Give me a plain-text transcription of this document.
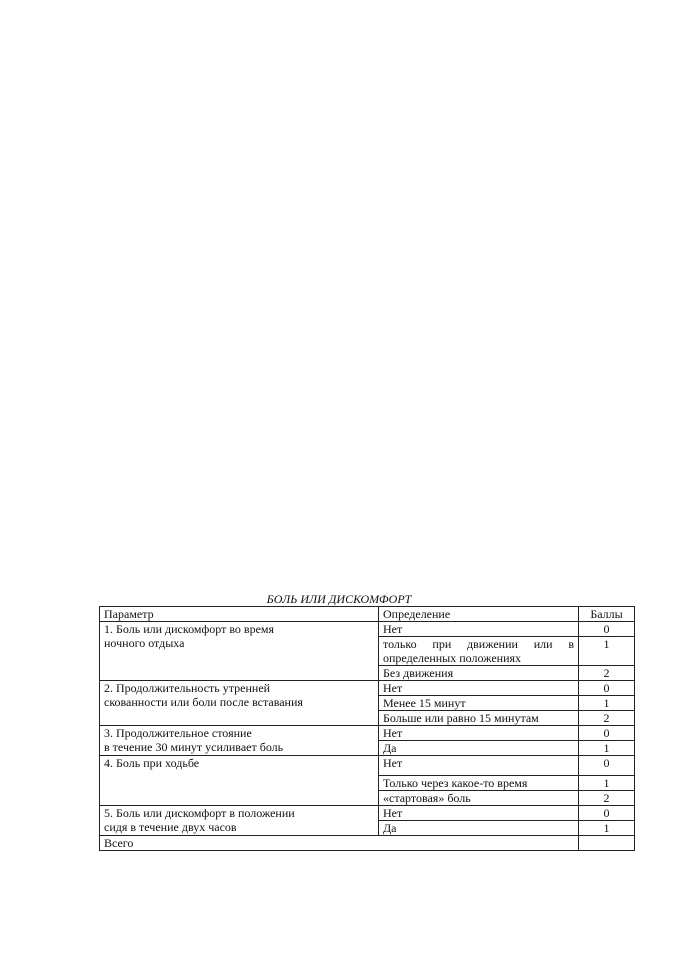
БОЛЬ ИЛИ ДИСКОМФОРТ
Параметр	Определение	Баллы

1. Боль или дискомфорт во время
ночного отдыха	Нет	0

	только при движении или в
определенных положениях	1
	Без движения	2

2. Продолжительность утренней
скованности или боли после вставания	Нет	0
	Менее 15 минут	1
	Больше или равно 15 минутам	2

3. Продолжительное стояние
в течение 30 минут усиливает боль	Нет	0
	Да	1

4. Боль при ходьбе	Нет	0
	Только через какое-то время	1
	«стартовая» боль	2

5. Боль или дискомфорт в положении
сидя в течение двух часов	Нет	0
	Да	1
Всего		
